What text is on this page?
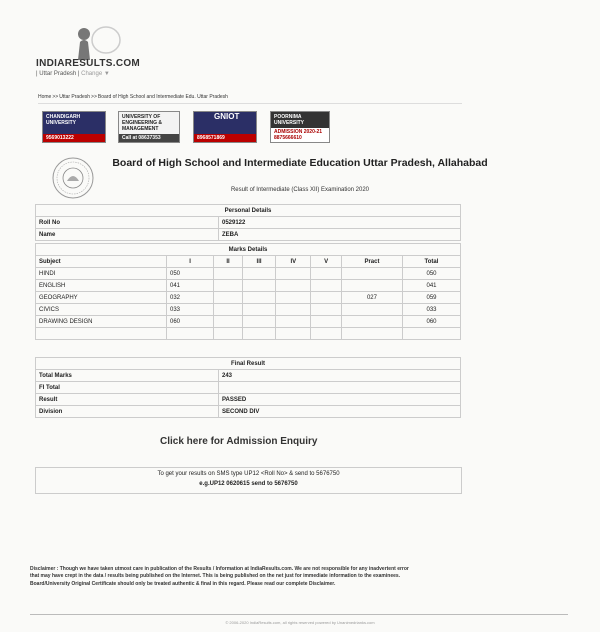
INDIARESULTS.COM
| Uttar Pradesh | Change ▼
Home>>Uttar Pradesh>>Board of High School and Intermediate Edu. Uttar Pradesh
CHANDIGARH UNIVERSITY
9569013222
UNIVERSITY OF ENGINEERING & MANAGEMENT
Call at 08637353
GNIOT
8968571869
POORNIMA UNIVERSITY
ADMISSION 2020-21 8875666610
Board of High School and Intermediate Education Uttar Pradesh, Allahabad
Result of Intermediate (Class XII) Examination 2020
Personal Details	
Roll No	0529122
Name	ZEBA
Marks Details							
Subject	I	II	III	IV	V	Pract	Total
HINDI	050						050
ENGLISH	041						041
GEOGRAPHY	032					027	059
CIVICS	033						033
DRAWING DESIGN	060						060

Final Result	
Total Marks	243
FI Total	
Result	PASSED
Division	SECOND DIV
Click here for Admission Enquiry
To get your results on SMS type UP12 <Roll No> & send to 5676750
e.g.UP12 0620615 send to 5676750
Disclaimer : Though we have taken utmost care in publication of the Results / Information at IndiaResults.com. We are not responsible for any inadvertent error that may have crept in the data / results being published on the Internet. This is being published on the net just for immediate information to the examinees. Board/University Original Certificate should only be treated authentic & final in this regard. Please read our complete Disclaimer.
© 2006-2020 IndiaResults.com, all rights reserved powered by Unanimedrianks.com
